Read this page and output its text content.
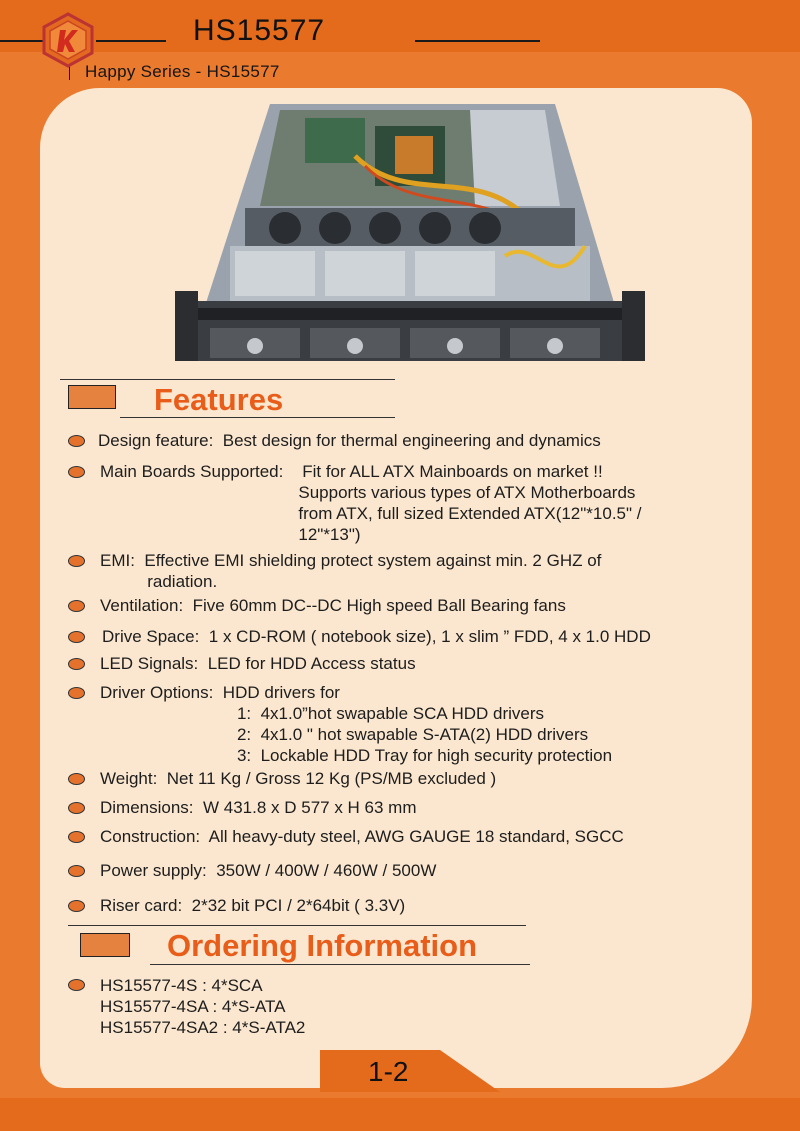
HS15577
Happy Series - HS15577
Features
Design feature:  Best design for thermal engineering and dynamics
Main Boards Supported:    Fit for ALL ATX Mainboards on market !!
Supports various types of ATX Motherboards
from ATX, full sized Extended ATX(12"*10.5" /
12"*13")
EMI:  Effective EMI shielding protect system against min. 2 GHZ of
radiation.
Ventilation:  Five 60mm DC--DC High speed Ball Bearing fans
Drive Space:  1 x CD-ROM ( notebook size), 1 x slim ” FDD, 4 x 1.0 HDD
LED Signals:  LED for HDD Access status
Driver Options:  HDD drivers for
1:  4x1.0”hot swapable SCA HDD drivers
2:  4x1.0 " hot swapable S-ATA(2) HDD drivers
3:  Lockable HDD Tray for high security protection
Weight:  Net 11 Kg / Gross 12 Kg (PS/MB excluded )
Dimensions:  W 431.8 x D 577 x H 63 mm
Construction:  All heavy-duty steel, AWG GAUGE 18 standard, SGCC
Power supply:  350W / 400W / 460W / 500W
Riser card:  2*32 bit PCI / 2*64bit ( 3.3V)
Ordering Information
HS15577-4S : 4*SCA
HS15577-4SA : 4*S-ATA
HS15577-4SA2 : 4*S-ATA2
1-2
